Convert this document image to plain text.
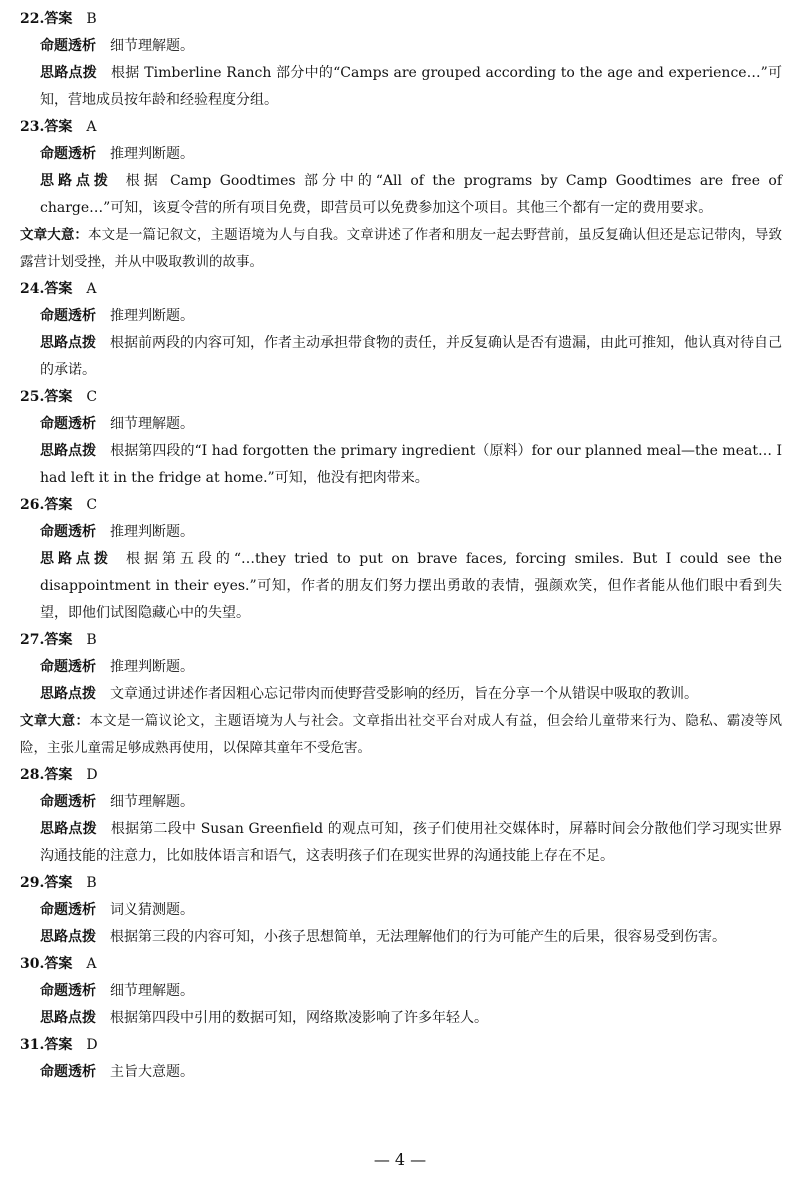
22.答案 B

命题透析 细节理解题。

思路点拨 根据 Timberline Ranch 部分中的“Camps are grouped according to the age and experience…”可知，营地成员按年龄和经验程度分组。

23.答案 A

命题透析 推理判断题。

思路点拨 根据 Camp Goodtimes 部分中的“All of the programs by Camp Goodtimes are free of charge…”可知，该夏令营的所有项目免费，即营员可以免费参加这个项目。其他三个都有一定的费用要求。

文章大意：本文是一篇记叙文，主题语境为人与自我。文章讲述了作者和朋友一起去野营前，虽反复确认但还是忘记带肉，导致露营计划受挫，并从中吸取教训的故事。

24.答案 A

命题透析 推理判断题。

思路点拨 根据前两段的内容可知，作者主动承担带食物的责任，并反复确认是否有遗漏，由此可推知，他认真对待自己的承诺。

25.答案 C

命题透析 细节理解题。

思路点拨 根据第四段的“I had forgotten the primary ingredient（原料）for our planned meal—the meat… I had left it in the fridge at home.”可知，他没有把肉带来。

26.答案 C

命题透析 推理判断题。

思路点拨 根据第五段的“…they tried to put on brave faces, forcing smiles. But I could see the disappointment in their eyes.”可知，作者的朋友们努力摆出勇敢的表情，强颜欢笑，但作者能从他们眼中看到失望，即他们试图隐藏心中的失望。

27.答案 B

命题透析 推理判断题。

思路点拨 文章通过讲述作者因粗心忘记带肉而使野营受影响的经历，旨在分享一个从错误中吸取的教训。

文章大意：本文是一篇议论文，主题语境为人与社会。文章指出社交平台对成人有益，但会给儿童带来行为、隐私、霸凌等风险，主张儿童需足够成熟再使用，以保障其童年不受危害。

28.答案 D

命题透析 细节理解题。

思路点拨 根据第二段中 Susan Greenfield 的观点可知，孩子们使用社交媒体时，屏幕时间会分散他们学习现实世界沟通技能的注意力，比如肢体语言和语气，这表明孩子们在现实世界的沟通技能上存在不足。

29.答案 B

命题透析 词义猜测题。

思路点拨 根据第三段的内容可知，小孩子思想简单，无法理解他们的行为可能产生的后果，很容易受到伤害。

30.答案 A

命题透析 细节理解题。

思路点拨 根据第四段中引用的数据可知，网络欺凌影响了许多年轻人。

31.答案 D

命题透析 主旨大意题。

— 4 —
